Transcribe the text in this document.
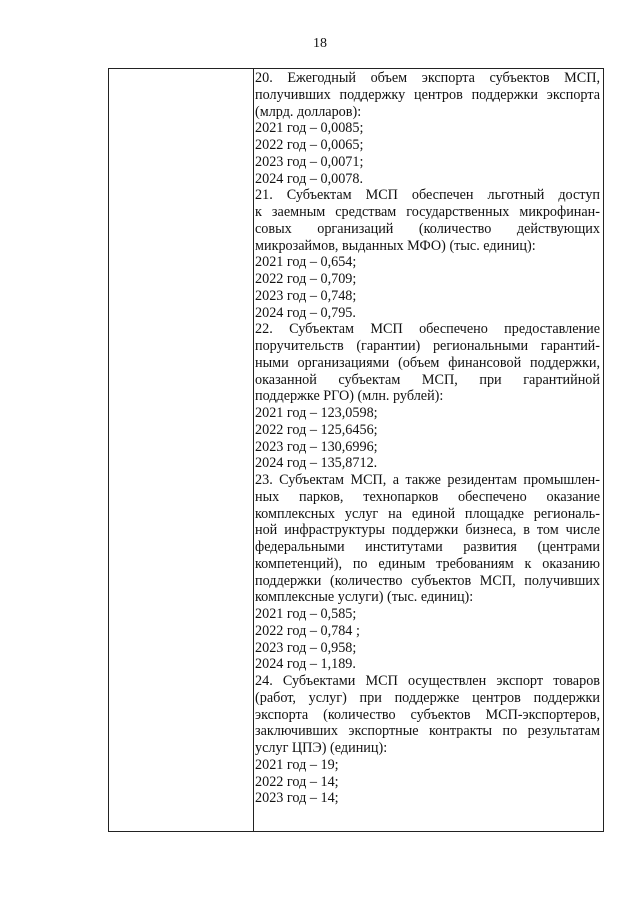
18
20. Ежегодный объем экспорта субъектов МСП,
получивших поддержку центров поддержки экспорта
(млрд. долларов):
2021 год – 0,0085;
2022 год – 0,0065;
2023 год – 0,0071;
2024 год – 0,0078.
21. Субъектам МСП обеспечен льготный доступ
к заемным средствам государственных микрофинан-
совых организаций (количество действующих
микрозаймов, выданных МФО) (тыс. единиц):
2021 год – 0,654;
2022 год – 0,709;
2023 год – 0,748;
2024 год – 0,795.
22. Субъектам МСП обеспечено предоставление
поручительств (гарантии) региональными гарантий-
ными организациями (объем финансовой поддержки,
оказанной субъектам МСП, при гарантийной
поддержке РГО) (млн. рублей):
2021 год – 123,0598;
2022 год – 125,6456;
2023 год – 130,6996;
2024 год – 135,8712.
23. Субъектам МСП, а также резидентам промышлен-
ных парков, технопарков обеспечено оказание
комплексных услуг на единой площадке региональ-
ной инфраструктуры поддержки бизнеса, в том числе
федеральными институтами развития (центрами
компетенций), по единым требованиям к оказанию
поддержки (количество субъектов МСП, получивших
комплексные услуги) (тыс. единиц):
2021 год – 0,585;
2022 год – 0,784 ;
2023 год – 0,958;
2024 год – 1,189.
24. Субъектами МСП осуществлен экспорт товаров
(работ, услуг) при поддержке центров поддержки
экспорта (количество субъектов МСП-экспортеров,
заключивших экспортные контракты по результатам
услуг ЦПЭ) (единиц):
2021 год – 19;
2022 год – 14;
2023 год – 14;
